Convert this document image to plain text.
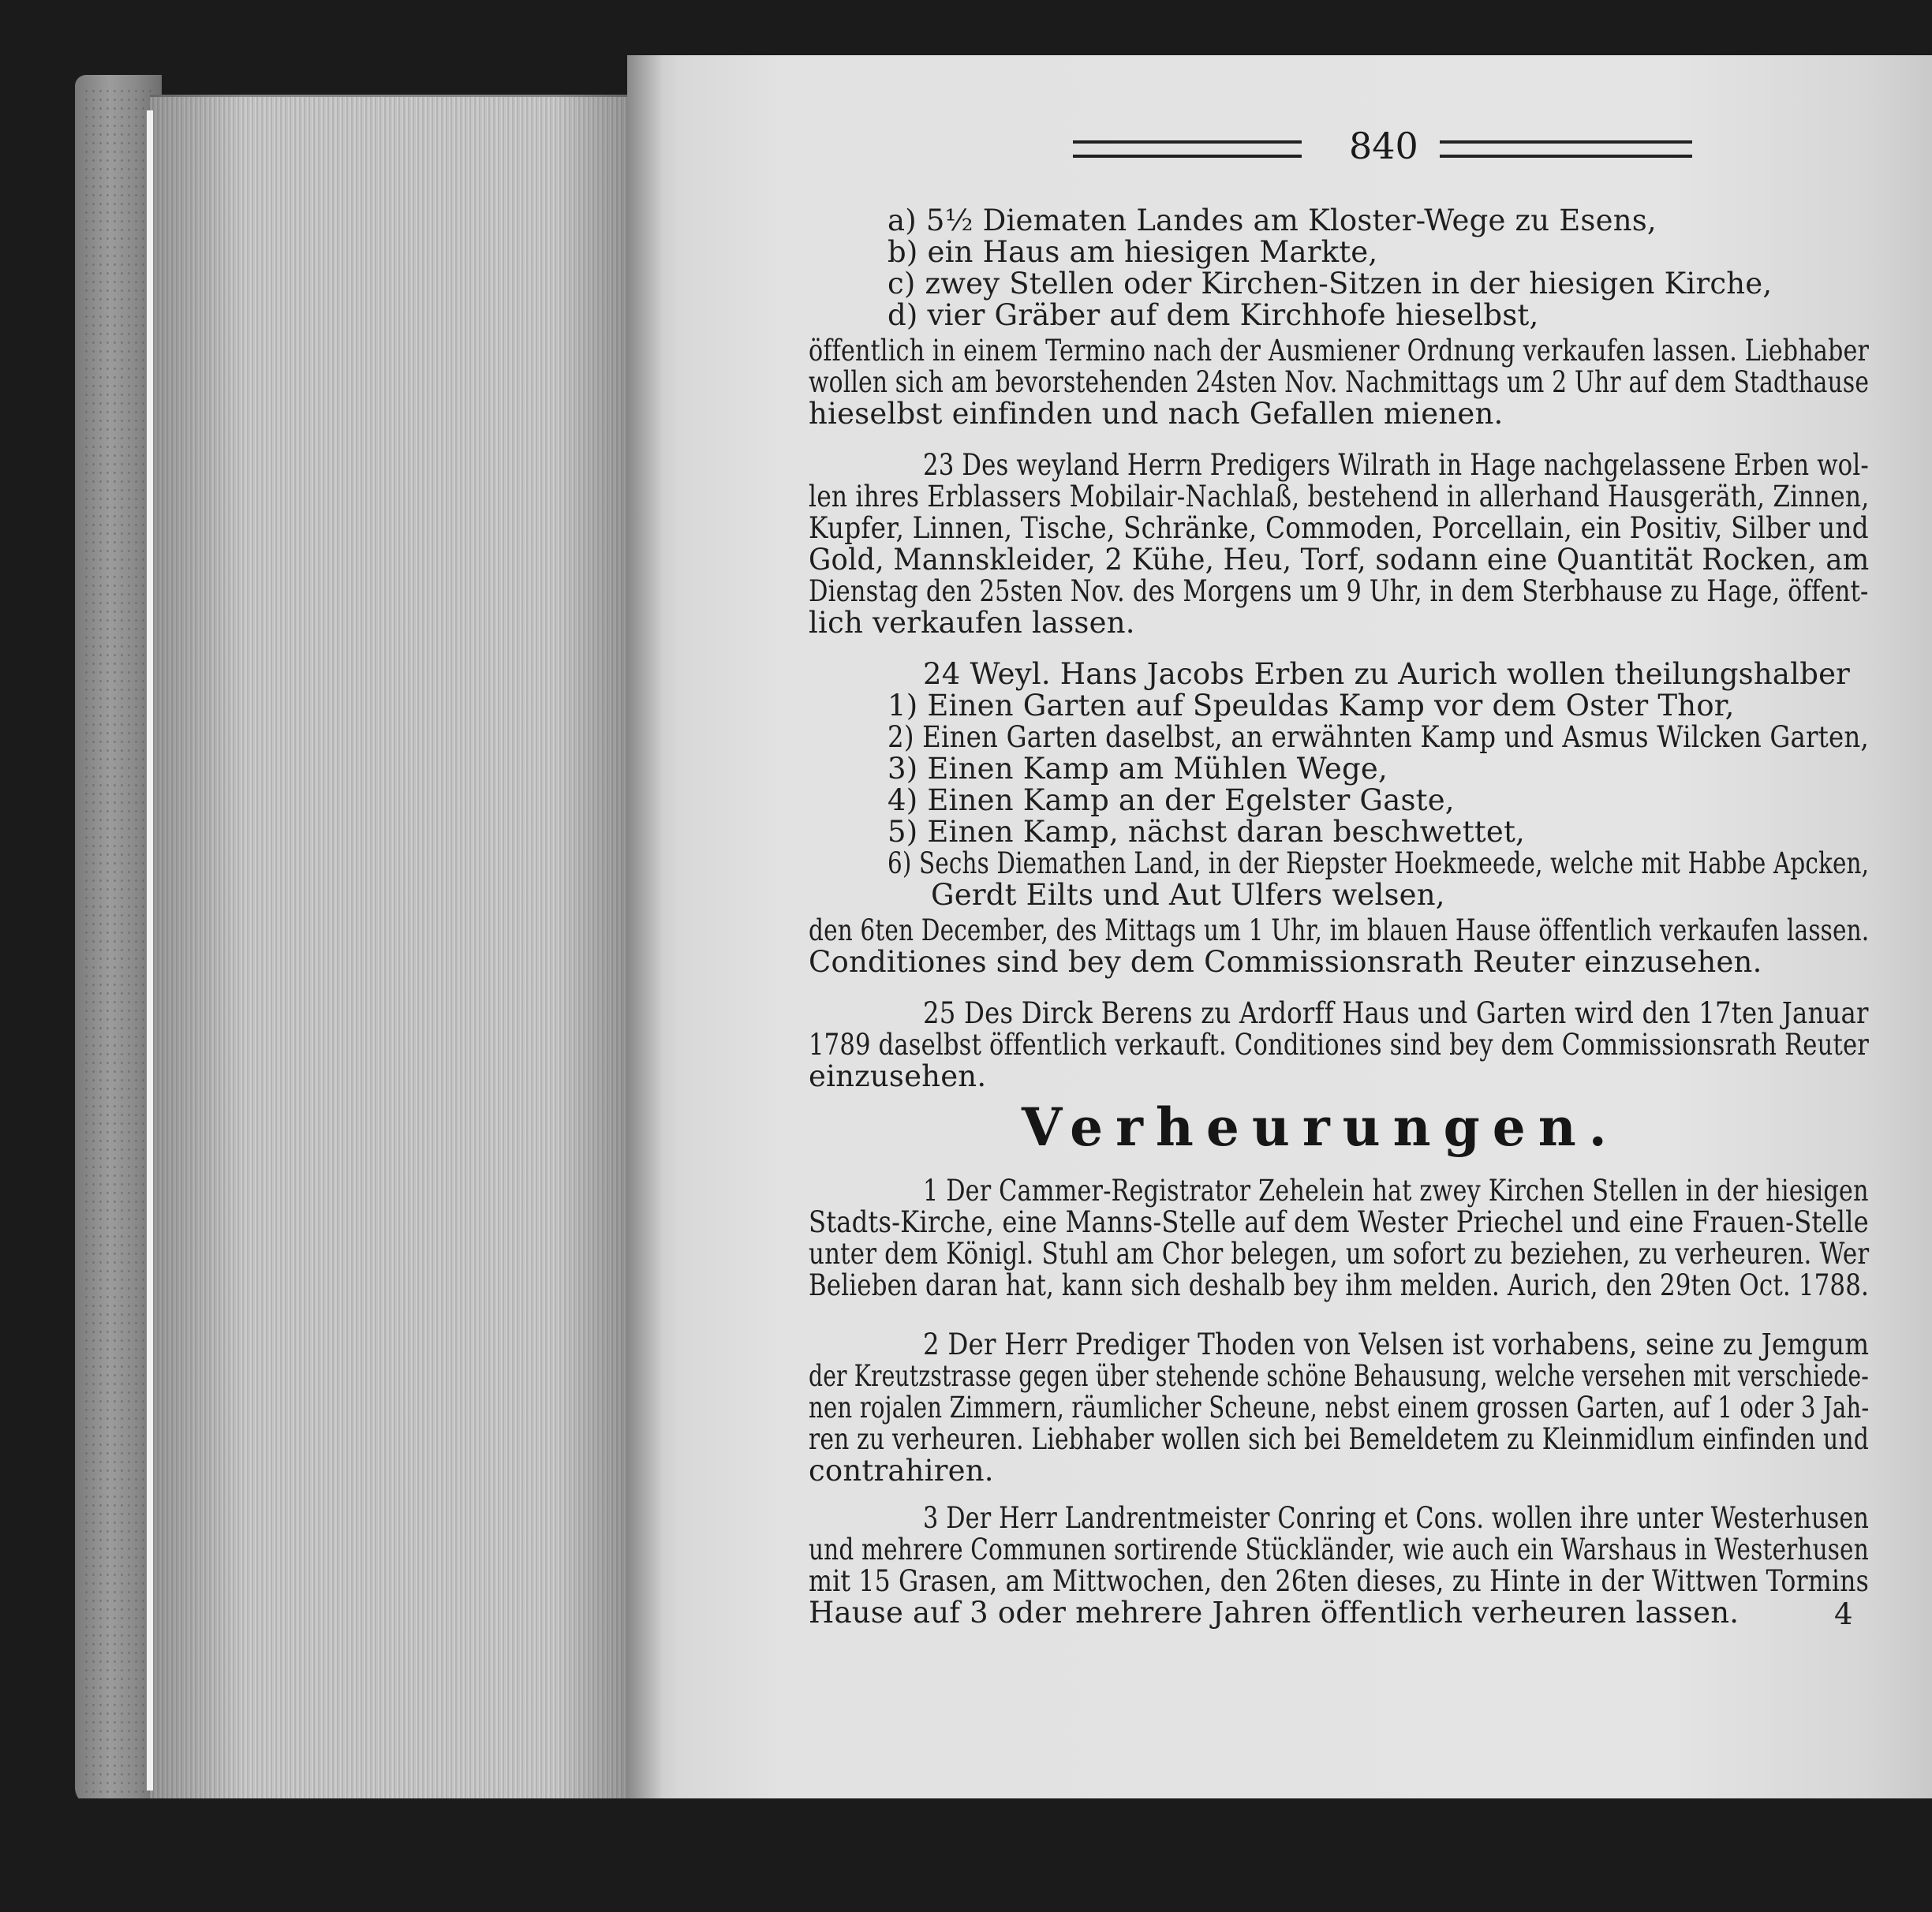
840
a) 5½ Diematen Landes am Kloster-Wege zu Esens,
b) ein Haus am hiesigen Markte,
c) zwey Stellen oder Kirchen-Sitzen in der hiesigen Kirche,
d) vier Gräber auf dem Kirchhofe hieselbst,
öffentlich in einem Termino nach der Ausmiener Ordnung verkaufen lassen. Liebhaber
wollen sich am bevorstehenden 24sten Nov. Nachmittags um 2 Uhr auf dem Stadthause
hieselbst einfinden und nach Gefallen mienen.
23 Des weyland Herrn Predigers Wilrath in Hage nachgelassene Erben wol-
len ihres Erblassers Mobilair-Nachlaß, bestehend in allerhand Hausgeräth, Zinnen,
Kupfer, Linnen, Tische, Schränke, Commoden, Porcellain, ein Positiv, Silber und
Gold, Mannskleider, 2 Kühe, Heu, Torf, sodann eine Quantität Rocken, am
Dienstag den 25sten Nov. des Morgens um 9 Uhr, in dem Sterbhause zu Hage, öffent-
lich verkaufen lassen.
24 Weyl. Hans Jacobs Erben zu Aurich wollen theilungshalber
1) Einen Garten auf Speuldas Kamp vor dem Oster Thor,
2) Einen Garten daselbst, an erwähnten Kamp und Asmus Wilcken Garten,
3) Einen Kamp am Mühlen Wege,
4) Einen Kamp an der Egelster Gaste,
5) Einen Kamp, nächst daran beschwettet,
6) Sechs Diemathen Land, in der Riepster Hoekmeede, welche mit Habbe Apcken,
Gerdt Eilts und Aut Ulfers welsen,
den 6ten December, des Mittags um 1 Uhr, im blauen Hause öffentlich verkaufen lassen.
Conditiones sind bey dem Commissionsrath Reuter einzusehen.
25 Des Dirck Berens zu Ardorff Haus und Garten wird den 17ten Januar
1789 daselbst öffentlich verkauft. Conditiones sind bey dem Commissionsrath Reuter
einzusehen.
Verheurungen.
1 Der Cammer-Registrator Zehelein hat zwey Kirchen Stellen in der hiesigen
Stadts-Kirche, eine Manns-Stelle auf dem Wester Priechel und eine Frauen-Stelle
unter dem Königl. Stuhl am Chor belegen, um sofort zu beziehen, zu verheuren. Wer
Belieben daran hat, kann sich deshalb bey ihm melden. Aurich, den 29ten Oct. 1788.
2 Der Herr Prediger Thoden von Velsen ist vorhabens, seine zu Jemgum
der Kreutzstrasse gegen über stehende schöne Behausung, welche versehen mit verschiede-
nen rojalen Zimmern, räumlicher Scheune, nebst einem grossen Garten, auf 1 oder 3 Jah-
ren zu verheuren. Liebhaber wollen sich bei Bemeldetem zu Kleinmidlum einfinden und
contrahiren.
3 Der Herr Landrentmeister Conring et Cons. wollen ihre unter Westerhusen
und mehrere Communen sortirende Stückländer, wie auch ein Warshaus in Westerhusen
mit 15 Grasen, am Mittwochen, den 26ten dieses, zu Hinte in der Wittwen Tormins
Hause auf 3 oder mehrere Jahren öffentlich verheuren lassen.	4
